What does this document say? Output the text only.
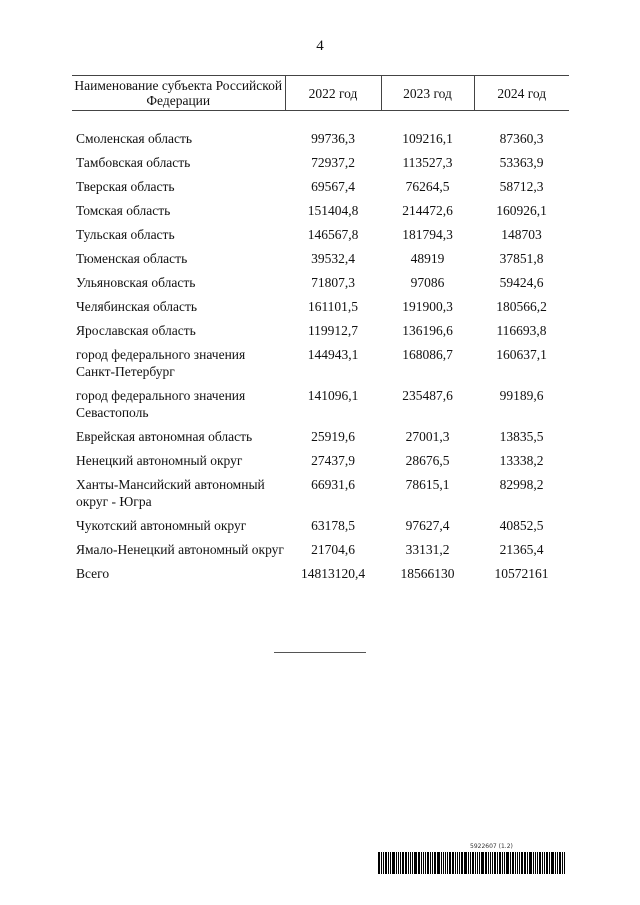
4
Наименование субъекта Российской Федерации	2022 год	2023 год	2024 год

Смоленская область	99736,3	109216,1	87360,3
Тамбовская область	72937,2	113527,3	53363,9
Тверская область	69567,4	76264,5	58712,3
Томская область	151404,8	214472,6	160926,1
Тульская область	146567,8	181794,3	148703
Тюменская область	39532,4	48919	37851,8
Ульяновская область	71807,3	97086	59424,6
Челябинская область	161101,5	191900,3	180566,2
Ярославская область	119912,7	136196,6	116693,8
город федерального значения Санкт-Петербург	144943,1	168086,7	160637,1
город федерального значения Севастополь	141096,1	235487,6	99189,6
Еврейская автономная область	25919,6	27001,3	13835,5
Ненецкий автономный округ	27437,9	28676,5	13338,2
Ханты-Мансийский автономный округ - Югра	66931,6	78615,1	82998,2
Чукотский автономный округ	63178,5	97627,4	40852,5
Ямало-Ненецкий автономный округ	21704,6	33131,2	21365,4
Всего	14813120,4	18566130	10572161
5922607 (1.2)
